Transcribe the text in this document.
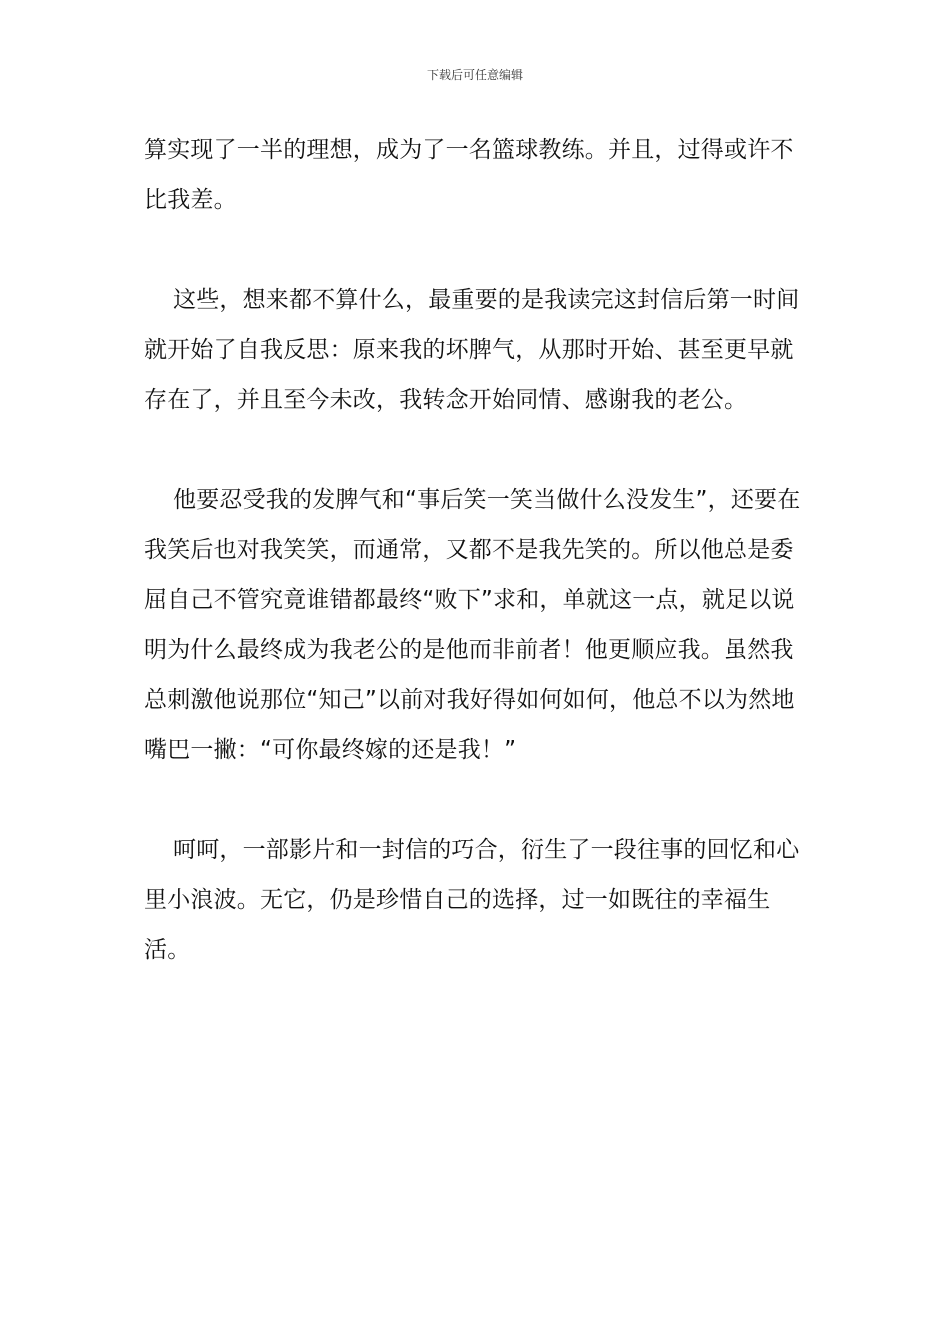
下载后可任意编辑

算实现了一半的理想，成为了一名篮球教练。并且，过得或许不比我差。

这些，想来都不算什么，最重要的是我读完这封信后第一时间就开始了自我反思：原来我的坏脾气，从那时开始、甚至更早就存在了，并且至今未改，我转念开始同情、感谢我的老公。

他要忍受我的发脾气和“事后笑一笑当做什么没发生”，还要在我笑后也对我笑笑，而通常，又都不是我先笑的。所以他总是委屈自己不管究竟谁错都最终“败下”求和，单就这一点，就足以说明为什么最终成为我老公的是他而非前者！他更顺应我。虽然我总刺激他说那位“知己”以前对我好得如何如何，他总不以为然地嘴巴一撇：“可你最终嫁的还是我！”

呵呵，一部影片和一封信的巧合，衍生了一段往事的回忆和心里小浪波。无它，仍是珍惜自己的选择，过一如既往的幸福生活。
